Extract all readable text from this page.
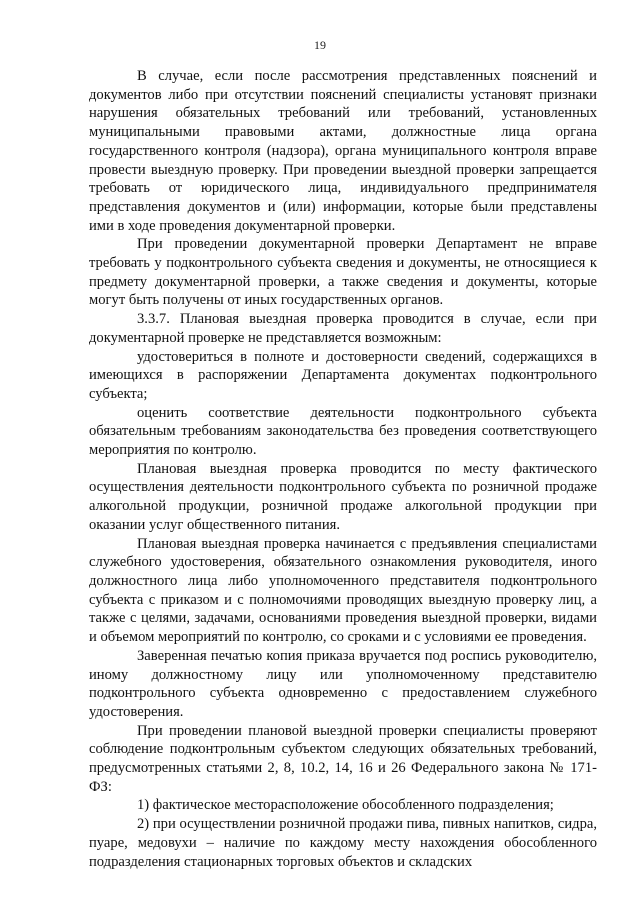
19

В случае, если после рассмотрения представленных пояснений и документов либо при отсутствии пояснений специалисты установят признаки нарушения обязательных требований или требований, установленных муниципальными правовыми актами, должностные лица органа государственного контроля (надзора), органа муниципального контроля вправе провести выездную проверку. При проведении выездной проверки запрещается требовать от юридического лица, индивидуального предпринимателя представления документов и (или) информации, которые были представлены ими в ходе проведения документарной проверки.

При проведении документарной проверки Департамент не вправе требовать у подконтрольного субъекта сведения и документы, не относящиеся к предмету документарной проверки, а также сведения и документы, которые могут быть получены от иных государственных органов.

3.3.7. Плановая выездная проверка проводится в случае, если при документарной проверке не представляется возможным:

удостовериться в полноте и достоверности сведений, содержащихся в имеющихся в распоряжении Департамента документах подконтрольного субъекта;

оценить соответствие деятельности подконтрольного субъекта обязательным требованиям законодательства без проведения соответствующего мероприятия по контролю.

Плановая выездная проверка проводится по месту фактического осуществления деятельности подконтрольного субъекта по розничной продаже алкогольной продукции, розничной продаже алкогольной продукции при оказании услуг общественного питания.

Плановая выездная проверка начинается с предъявления специалистами служебного удостоверения, обязательного ознакомления руководителя, иного должностного лица либо уполномоченного представителя подконтрольного субъекта с приказом и с полномочиями проводящих выездную проверку лиц, а также с целями, задачами, основаниями проведения выездной проверки, видами и объемом мероприятий по контролю, со сроками и с условиями ее проведения.

Заверенная печатью копия приказа вручается под роспись руководителю, иному должностному лицу или уполномоченному представителю подконтрольного субъекта одновременно с предоставлением служебного удостоверения.

При проведении плановой выездной проверки специалисты проверяют соблюдение подконтрольным субъектом следующих обязательных требований, предусмотренных статьями 2, 8, 10.2, 14, 16 и 26 Федерального закона № 171-ФЗ:

1) фактическое месторасположение обособленного подразделения;

2) при осуществлении розничной продажи пива, пивных напитков, сидра, пуаре, медовухи – наличие по каждому месту нахождения обособленного подразделения стационарных торговых объектов и складских
